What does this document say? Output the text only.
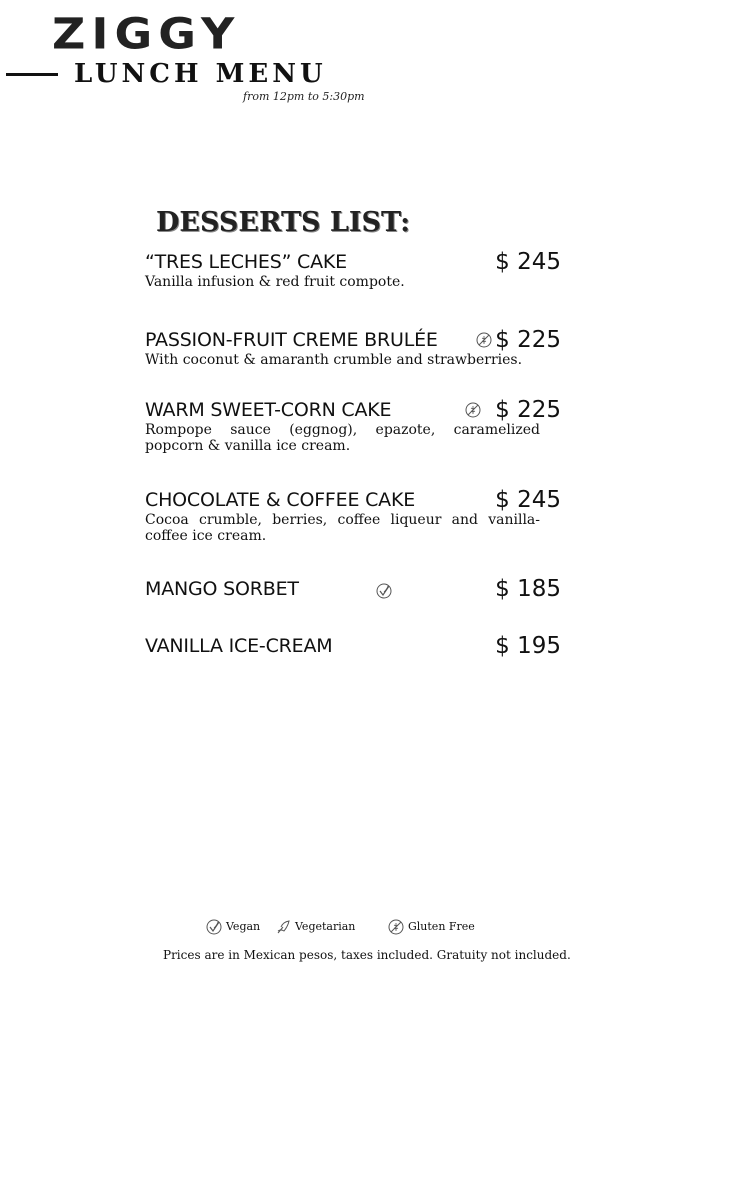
ZIGGY
LUNCH MENU
from 12pm to 5:30pm
DESSERTS LIST:
“TRES LECHES” CAKE	$ 245
Vanilla infusion & red fruit compote.
PASSION-FRUIT CREME BRULÉE $ 225
With coconut & amaranth crumble and strawberries.
WARM SWEET-CORN CAKE	$ 225
Rompope sauce (eggnog), epazote, caramelized popcorn & vanilla ice cream.
CHOCOLATE & COFFEE CAKE	$ 245
Cocoa crumble, berries, coffee liqueur and vanilla-coffee ice cream.
MANGO SORBET	$ 185
VANILLA ICE-CREAM	$ 195
Vegan	Vegetarian	Gluten Free
Prices are in Mexican pesos, taxes included. Gratuity not included.
